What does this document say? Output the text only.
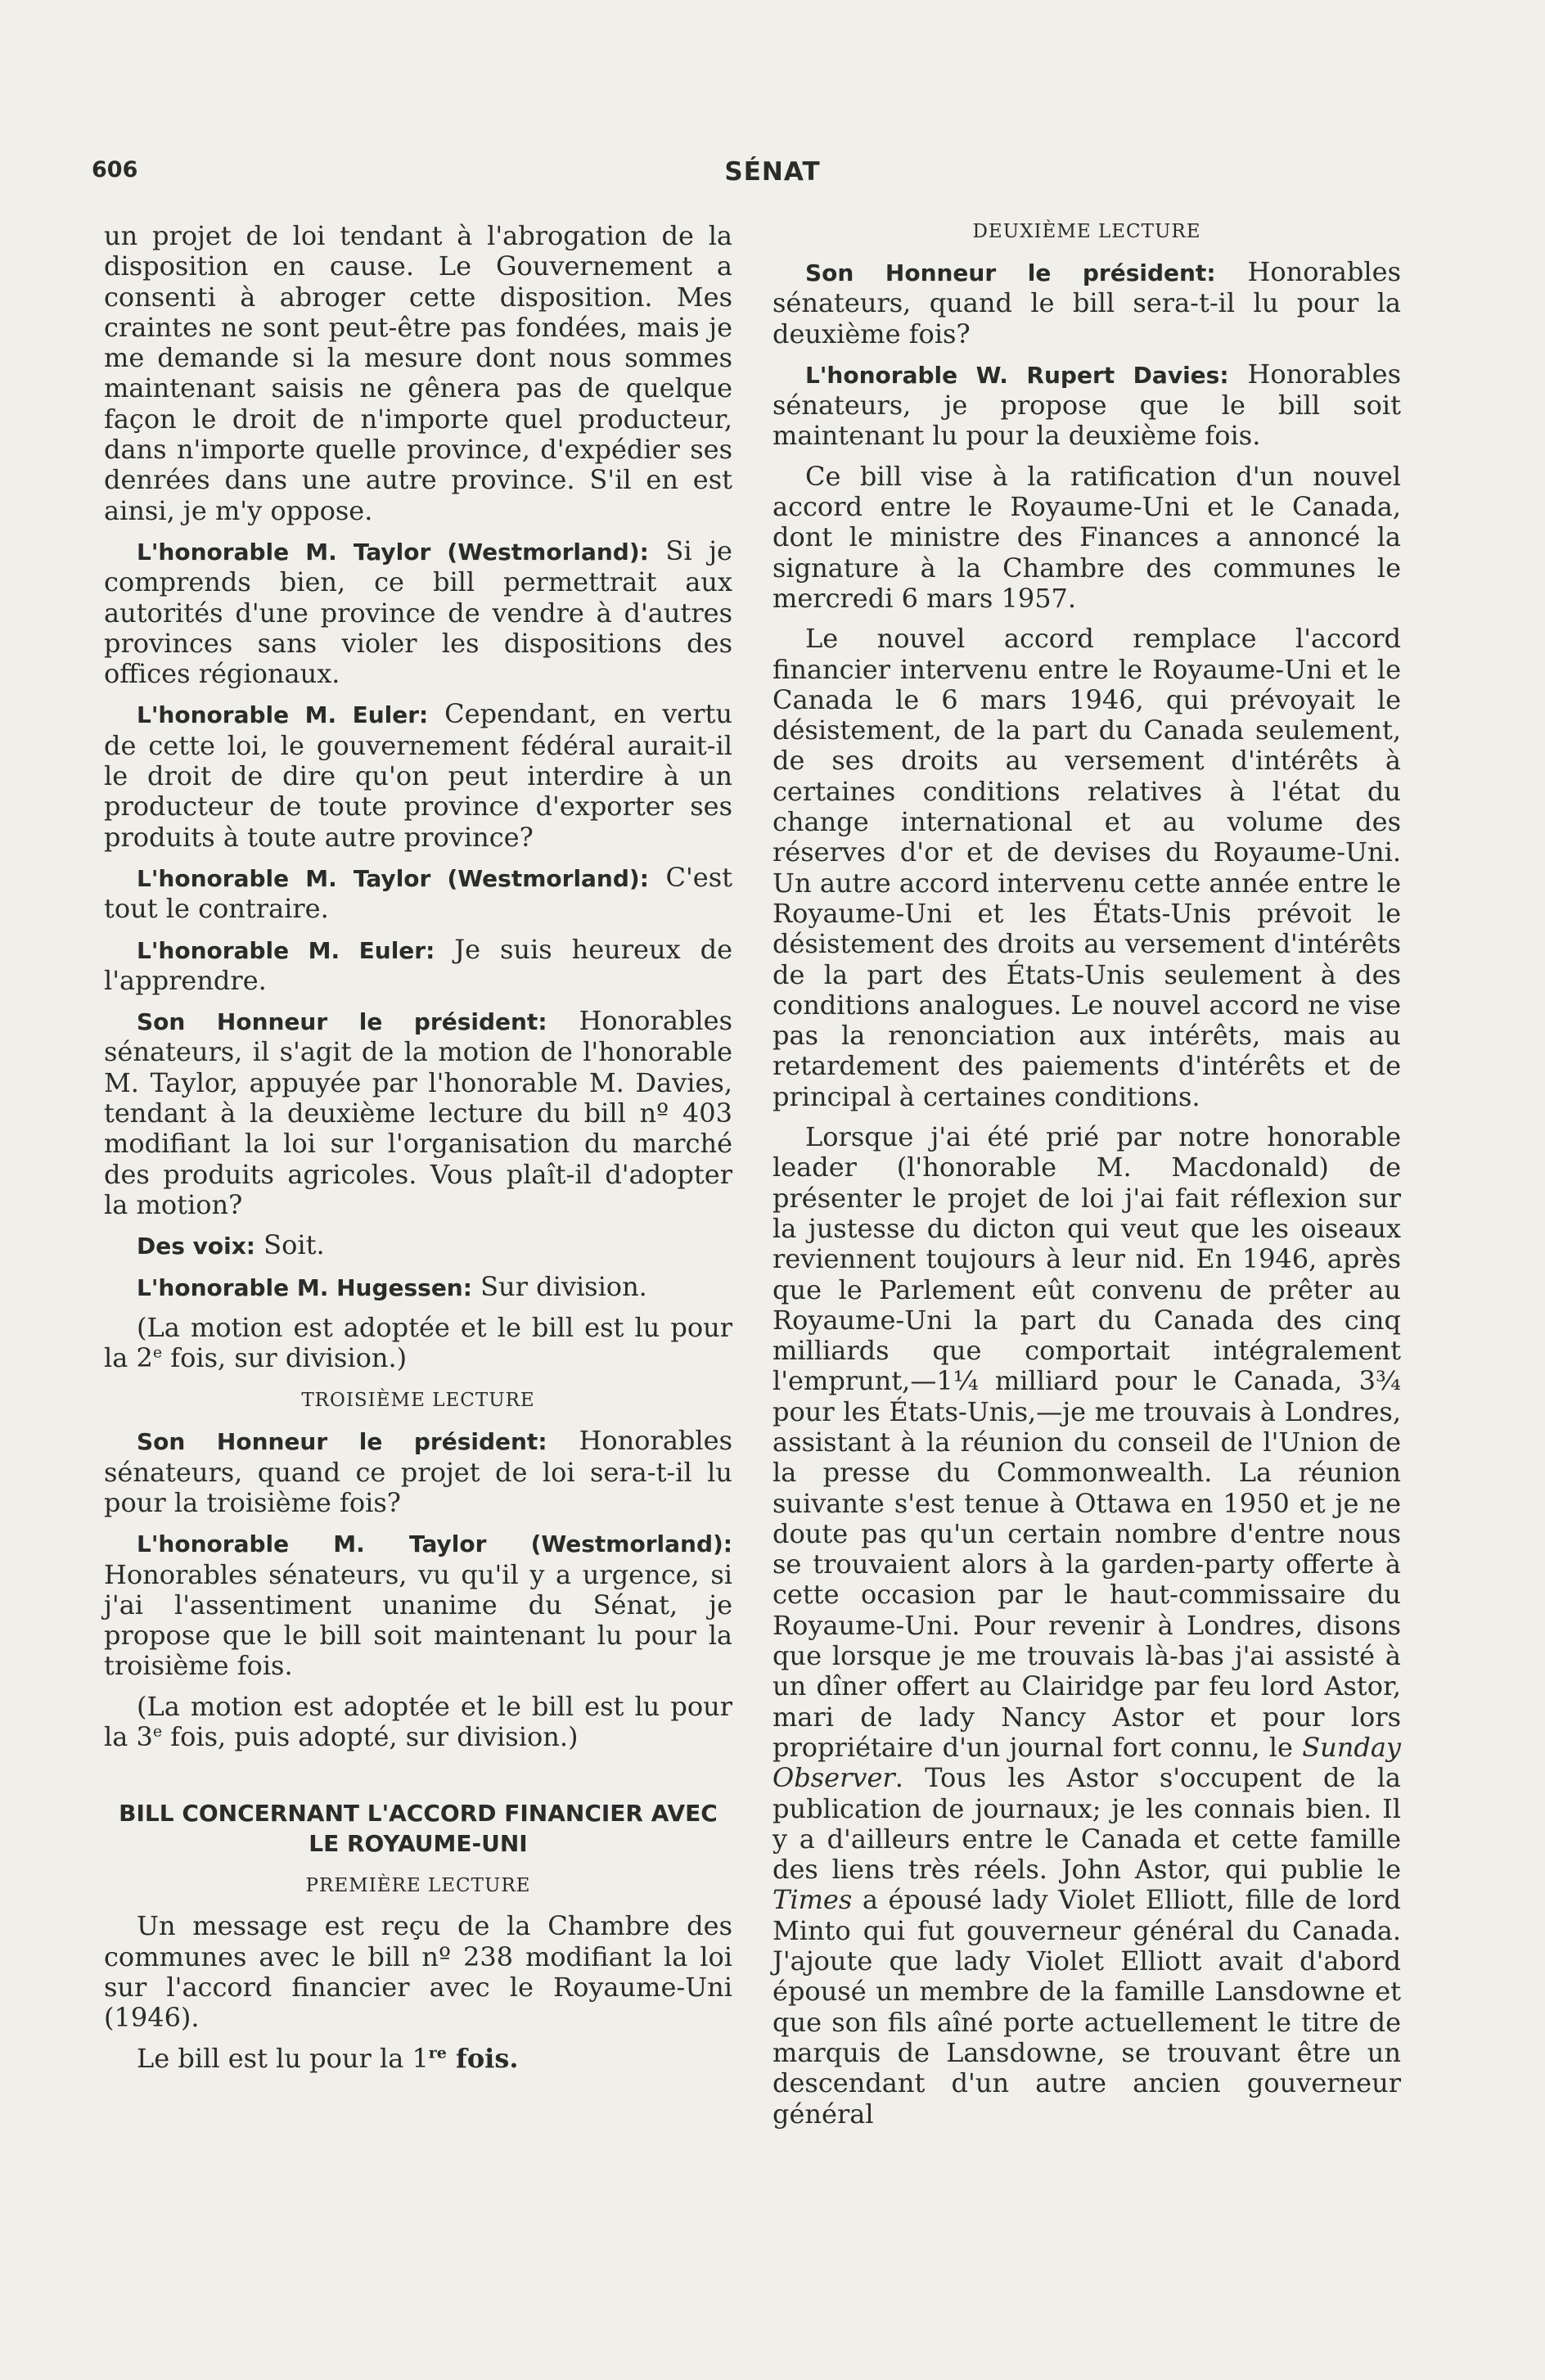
606	SÉNAT

un projet de loi tendant à l'abrogation de la disposition en cause. Le Gouvernement a consenti à abroger cette disposition. Mes craintes ne sont peut-être pas fondées, mais je me demande si la mesure dont nous sommes maintenant saisis ne gênera pas de quelque façon le droit de n'importe quel producteur, dans n'importe quelle province, d'expédier ses denrées dans une autre province. S'il en est ainsi, je m'y oppose.

L'honorable M. Taylor (Westmorland): Si je comprends bien, ce bill permettrait aux autorités d'une province de vendre à d'autres provinces sans violer les dispositions des offices régionaux.

L'honorable M. Euler: Cependant, en vertu de cette loi, le gouvernement fédéral aurait-il le droit de dire qu'on peut interdire à un producteur de toute province d'exporter ses produits à toute autre province?

L'honorable M. Taylor (Westmorland): C'est tout le contraire.

L'honorable M. Euler: Je suis heureux de l'apprendre.

Son Honneur le président: Honorables sénateurs, il s'agit de la motion de l'honorable M. Taylor, appuyée par l'honorable M. Davies, tendant à la deuxième lecture du bill nº 403 modifiant la loi sur l'organisation du marché des produits agricoles. Vous plaît-il d'adopter la motion?

Des voix: Soit.

L'honorable M. Hugessen: Sur division.

(La motion est adoptée et le bill est lu pour la 2e fois, sur division.)

TROISIÈME LECTURE

Son Honneur le président: Honorables sénateurs, quand ce projet de loi sera-t-il lu pour la troisième fois?

L'honorable M. Taylor (Westmorland): Honorables sénateurs, vu qu'il y a urgence, si j'ai l'assentiment unanime du Sénat, je propose que le bill soit maintenant lu pour la troisième fois.

(La motion est adoptée et le bill est lu pour la 3e fois, puis adopté, sur division.)

BILL CONCERNANT L'ACCORD FINANCIER AVEC LE ROYAUME-UNI
PREMIÈRE LECTURE

Un message est reçu de la Chambre des communes avec le bill nº 238 modifiant la loi sur l'accord financier avec le Royaume-Uni (1946).

Le bill est lu pour la 1re fois.

DEUXIÈME LECTURE

Son Honneur le président: Honorables sénateurs, quand le bill sera-t-il lu pour la deuxième fois?

L'honorable W. Rupert Davies: Honorables sénateurs, je propose que le bill soit maintenant lu pour la deuxième fois.

Ce bill vise à la ratification d'un nouvel accord entre le Royaume-Uni et le Canada, dont le ministre des Finances a annoncé la signature à la Chambre des communes le mercredi 6 mars 1957.

Le nouvel accord remplace l'accord financier intervenu entre le Royaume-Uni et le Canada le 6 mars 1946, qui prévoyait le désistement, de la part du Canada seulement, de ses droits au versement d'intérêts à certaines conditions relatives à l'état du change international et au volume des réserves d'or et de devises du Royaume-Uni. Un autre accord intervenu cette année entre le Royaume-Uni et les États-Unis prévoit le désistement des droits au versement d'intérêts de la part des États-Unis seulement à des conditions analogues. Le nouvel accord ne vise pas la renonciation aux intérêts, mais au retardement des paiements d'intérêts et de principal à certaines conditions.

Lorsque j'ai été prié par notre honorable leader (l'honorable M. Macdonald) de présenter le projet de loi j'ai fait réflexion sur la justesse du dicton qui veut que les oiseaux reviennent toujours à leur nid. En 1946, après que le Parlement eût convenu de prêter au Royaume-Uni la part du Canada des cinq milliards que comportait intégralement l'emprunt,—1¼ milliard pour le Canada, 3¾ pour les États-Unis,—je me trouvais à Londres, assistant à la réunion du conseil de l'Union de la presse du Commonwealth. La réunion suivante s'est tenue à Ottawa en 1950 et je ne doute pas qu'un certain nombre d'entre nous se trouvaient alors à la garden-party offerte à cette occasion par le haut-commissaire du Royaume-Uni. Pour revenir à Londres, disons que lorsque je me trouvais là-bas j'ai assisté à un dîner offert au Clairidge par feu lord Astor, mari de lady Nancy Astor et pour lors propriétaire d'un journal fort connu, le Sunday Observer. Tous les Astor s'occupent de la publication de journaux; je les connais bien. Il y a d'ailleurs entre le Canada et cette famille des liens très réels. John Astor, qui publie le Times a épousé lady Violet Elliott, fille de lord Minto qui fut gouverneur général du Canada. J'ajoute que lady Violet Elliott avait d'abord épousé un membre de la famille Lansdowne et que son fils aîné porte actuellement le titre de marquis de Lansdowne, se trouvant être un descendant d'un autre ancien gouverneur général
